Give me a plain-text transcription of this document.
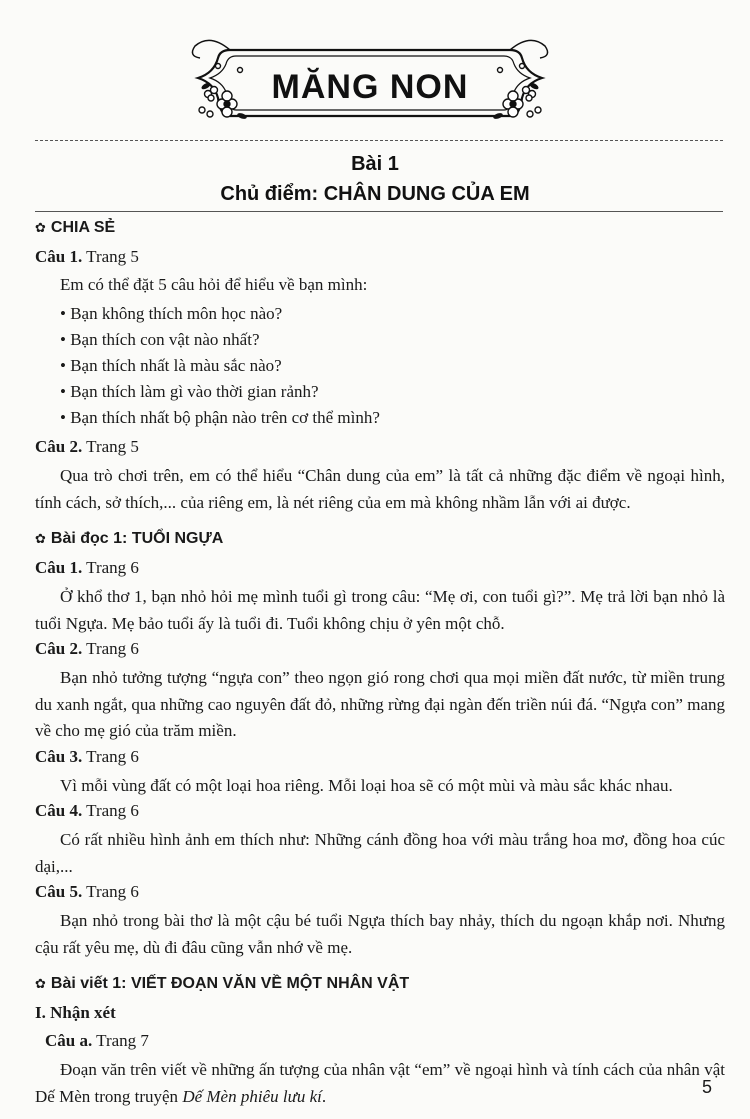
MĂNG NON
Bài 1
Chủ điểm: CHÂN DUNG CỦA EM
✿ CHIA SẺ

Câu 1. Trang 5

Em có thể đặt 5 câu hỏi để hiểu về bạn mình:

• Bạn không thích môn học nào?

• Bạn thích con vật nào nhất?

• Bạn thích nhất là màu sắc nào?

• Bạn thích làm gì vào thời gian rảnh?

• Bạn thích nhất bộ phận nào trên cơ thể mình?

Câu 2. Trang 5

Qua trò chơi trên, em có thể hiểu “Chân dung của em” là tất cả những đặc điểm về ngoại hình, tính cách, sở thích,... của riêng em, là nét riêng của em mà không nhầm lẫn với ai được.

✿ Bài đọc 1: TUỔI NGỰA

Câu 1. Trang 6

Ở khổ thơ 1, bạn nhỏ hỏi mẹ mình tuổi gì trong câu: “Mẹ ơi, con tuổi gì?”. Mẹ trả lời bạn nhỏ là tuổi Ngựa. Mẹ bảo tuổi ấy là tuổi đi. Tuổi không chịu ở yên một chỗ.

Câu 2. Trang 6

Bạn nhỏ tưởng tượng “ngựa con” theo ngọn gió rong chơi qua mọi miền đất nước, từ miền trung du xanh ngắt, qua những cao nguyên đất đỏ, những rừng đại ngàn đến triền núi đá. “Ngựa con” mang về cho mẹ gió của trăm miền.

Câu 3. Trang 6

Vì mỗi vùng đất có một loại hoa riêng. Mỗi loại hoa sẽ có một mùi và màu sắc khác nhau.

Câu 4. Trang 6

Có rất nhiều hình ảnh em thích như: Những cánh đồng hoa với màu trắng hoa mơ, đồng hoa cúc dại,...

Câu 5. Trang 6

Bạn nhỏ trong bài thơ là một cậu bé tuổi Ngựa thích bay nhảy, thích du ngoạn khắp nơi. Nhưng cậu rất yêu mẹ, dù đi đâu cũng vẫn nhớ về mẹ.

✿ Bài viết 1: VIẾT ĐOẠN VĂN VỀ MỘT NHÂN VẬT

I. Nhận xét

Câu a. Trang 7

Đoạn văn trên viết về những ấn tượng của nhân vật “em” về ngoại hình và tính cách của nhân vật Dế Mèn trong truyện Dế Mèn phiêu lưu kí.	5
